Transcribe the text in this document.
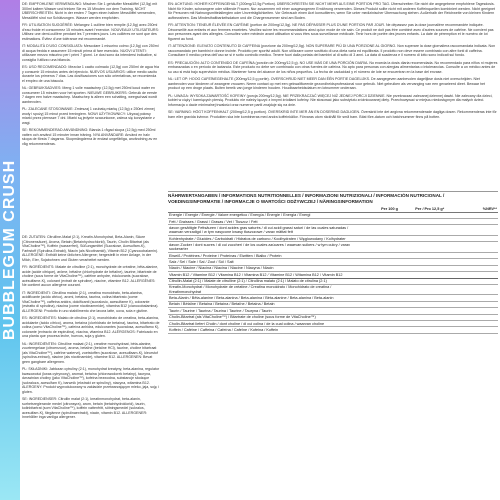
BUBBLEGUM CRUSH

DE: EMPFOHLENE VERWENDUNG: Mischen Sie 1 gehäufter Messlöffel (12,5g) mit 300ml kaltem Wasser und trinken Sie es 15 Minuten vor dem Training. NICHT ÜBERSCHREITEN. Nicht in der ersten 7 Tagen einen halben Messlöffel verwenden, Messlöffel sind nur Schätzungen. Wasser werden empfohlen.

FR: UTILISATION SUGGÉRÉE: Mélangez 1 cuillère bien remplie (12,5g) avec 250ml d'eau froide et consommez 15 minutes avant l'exercice. NOUVEAUX UTILISATEURS: Utilisez une demi-cuillère pendant les 7 premiers jours. Les cuillères ne sont que des estimations. Évitez d'une tolérance est recommandé.

IT: MODALITÀ D'USO CONSIGLIATA: Mescolare 1 misurino colmo (12,5g) con 250ml di acqua fredda e assumere 15 minuti prima di fare esercizio. NUOVI UTENTI: utilizzare mezzo misurino per i primi 7 giorni. Le dosi sono da intendersi indicative, si consiglia l'utilizzo una bilancia.

ES: USO RECOMENDADO: Mezclar 1 cacito colmado (12,5g) con 250ml de agua fría y consumir 15 minutos antes del ejercicio. NUEVOS USUARIOS: utilice medio cacito durante los primeros 7 días. Las dosificaciones son sólo orientativas, se recomienda el empleo de una báscula.

NL: GEBRUIKSADVIES: Meng 1 volle maatschep (12,5g) met 250ml koud water en consumeer 15 minuten voor het sporten. NIEUWE GEBRUIKERS: Gebruik de eerste 7 dagen een halve maatschep. Maatschep is alleen een schatting, weegschaal wordt aanbevolen.

PL: ZALECANE STOSOWANIE: Zmieszaj 1 czubatą miarkę (12,5g) z 250ml zimnej wody i spożyj 15 minut przed treningiem. NOWI UŻYTKOWNICY: Używaj połowy miarki przez pierwsze 7 dni. Miarki są jedynie szacunkowe, zaleca się korzystanie z wagi.

SE: REKOMMENDERAD ANVÄNDNING: Blanda 1 rågad skopa (12,5g) med 250ml vatten och använd 15 minuter innan träning. NYA ANVÄNDARE: Använd en halv skopa de första 7 dagarna. Skopmängderna är endast ungefärliga, användning av en våg rekommenderas.

EN: ACHTUNG: HOHER KOFFEINGEHALT (200mg/12,5g Portion). ÜBERSCHREITEN SIE NICHT MEHR ALS EINE PORTION PRO TAG. Überschreiten Sie nicht die angegebene empfohlene Tagesdosis. Nicht für Kinder, schwangere oder stillende Frauen. Nur zusammen mit einer ausgewogenen Ernährung verwenden. Dieses Produkt sollte nicht mit anderen Koffeinquellen kombiniert werden. Nicht geeignet für Personen mit Nahrungsmittelallergien oder Unverträglichkeiten. Vor Gebrauch einen Arzt konsultieren, wenn Sie unter medizinischer Überwachung stehen. Außerhalb der Reichweite von kleinen Kindern aufbewahren. Das Mindesthaltbarkeitsdatum und die Chargennummer sind am Boden.

FR: ATTENTION: TENEUR ÉLEVÉE EN CAFÉINE (portion de 200mg/12,5g). NE PAS DÉPASSER PLUS D'UNE PORTION PAR JOUR. Ne dépassez pas la dose journalière recommandée indiquée. Déconseillé aux enfants et aux femmes enceintes. Veuillez suivre les recommandations ainsi qu'un mode de vie sain. Ce produit ne doit pas être combiné avec d'autres sources de caféine. Ne convient pas aux personnes ayant des allergies. Consultez votre médecin avant utilisation si vous êtes sous surveillance médicale. Tenir hors de portée des jeunes enfants. La date de péremption et le numéro de lot figurent au fond.

IT: ATTENZIONE: ELEVATO CONTENUTO DI CAFFEINA (porzione da 200mg/12,5g). NON SUPERARE PIÙ DI UNA PORZIONE AL GIORNO. Non superare la dose giornaliera raccomandata indicata. Non raccomandato per bambini e donne incinte. Prodotto per sportivi adulti. Non utilizzare come sostituto di una dieta varia ed equilibrata. Il prodotto non deve essere combinato con altre fonti di caffeina. Consultare il medico prima dell'uso se si è sotto controllo medico. Tenere fuori dalla portata dei bambini al di sotto di 3 anni. La data di scadenza e il numero di lotto sono indicati sul fondo.

ES: PRECAUCIÓN: ALTO CONTENIDO DE CAFEÍNA (porción de 200mg/12,5 g). NO USE MÁS DE UNA PORCIÓN DIARIA. No exceda la dosis diaria recomendada. No recomendado para niños ni mujeres embarazadas o en período de lactancia. Este producto no debe ser combinado con otras fuentes de cafeína. No apto para personas con alergias alimentarias o intolerancias. Consulte a un médico antes de su uso si está bajo supervisión médica. Mantener fuera del alcance de los niños pequeños. La fecha de caducidad y el número de lote se encuentran en la base del envase.

NL: LET OP: HOOG CAFEÏNEGEHALTE (200mg/12,5 g portie). OVERSCHRIJD NIET MEER DAN ÉÉN PORTIE DAGELIJKS. De aangegeven aanbevolen dagelijkse dosis niet overschrijden. Niet aanbevolen voor kinderen of zwangere vrouwen. Neem contact op met een gekwalificeerde gezondheidsprofessional voor gebruik. Niet gebruiken als vervanging van een gevarieerd dieet. Bewaar het product op een droge plaats. Buiten bereik van jonge kinderen houden. Houdbaarheidsdatum en lotnummer onderaan.

PL: UWAGA: WYSOKA ZAWARTOŚĆ KOFEINY (porcja 200mg/12,5g). NIE PRZEKRACZAĆ WIĘCEJ NIŻ JEDNEJ PORCJI DZIENNIE. Nie przekraczać zalecanej dziennej dawki. Nie zalecany dla dzieci, kobiet w ciąży i karmiących piersią. Produktu nie należy łączyć z innymi źródłami kofeiny. Nie stosować jako substytutu zróżnicowanej diety. Przechowywać w miejscu niedostępnym dla małych dzieci. Informacja o dacie minimalnej trwałości oraz numerze partii znajduje się na dnie.

SE: VARNING: HÖGT KOFFEINHALT (200mg/12,5 g portion). ÖVERSKRID INTE MER ÄN EN DOSERING DAGLIGEN. Överskrid inte det angivna rekommenderade dagliga dosen. Rekommenderas inte för barn eller gravida kvinnor. Produkten ska inte kombineras med andra koffeinkällor. Förvaras utom räckhåll för små barn. Bäst före-datum och batchnummer finns på botten.

DE: ZUTATEN: Citrulline-Malat (2:1), Kreatin-Monohydrat, Beta-Alanin, Säure (Citronensäure), Aroma, Betain (Betainhydrochlorid), Taurin, Cholin Bitartrat (als VitaCholine™), Koffein (wasserfrei), Süßungsmittel (Sucralose, Acesulfam-K), Farbstoff (Spirulina-Extrakt), Niacin (als Nicotinamid), Vitamin B12 (Cyanocobalamin). ALLERGENE: Enthält keine üblichen Allergene; hergestellt in einer Anlage, in der Milch, Eier, Sojabohnen und Gluten verarbeitet werden.

FR: INGRÉDIENTS: Malate de citrulline (2:1), monohydrate de créatine, bêta-alanine, acide (acide citrique), arôme, bétaïne (chlorhydrate de bétaïne), taurine, bitartrate de choline (sous forme de VitaCholine™), caféine anhydre, édulcorants (sucralose, acésulfame-K), colorant (extrait de spiruline), niacine, vitamine B12. ALLERGÈNES: Ne contient aucun allergène courant.

IT: INGREDIENTI: Citrullina malato (2:1), creatina monoidrato, beta-alanina, acidificante (acido citrico), aromi, betaina, taurina, colina bitartrato (come VitaCholine™), caffeina anidra, dolcificanti (sucralosio, acesulfame K), colorante (estratto di spirulina), niacina (come nicotinammide), vitamina B12 (cianocobalamina). ALLERGENI: Prodotto in uno stabilimento che lavora latte, uova, soia e glutine.

ES: INGREDIENTES: Malato de citrulina (2:1), monohidrato de creatina, beta-alanina, acidulante (ácido cítrico), aroma, betaína (clorhidrato de betaína), taurina, bitartrato de colina (como VitaCholine™), cafeína anhidra, edulcorantes (sucralosa, acesulfamo K), colorante (extracto de espirulina), niacina, vitamina B12. ALÉRGENOS: Fabricado en una planta que procesa leche, huevos, soja y gluten.

NL: INGREDIËNTEN: Citrulline malaat (2:1), creatine monohydraat, bèta-alanine, zuurteregelaar (citroenzuur), aroma, betaïne (betaïne HCl), taurine, choline bitartraat (als VitaCholine™), cafeïne watervrij, zoetstoffen (sucralose, acesulfaam-K), kleurstof (spirulina-extract), niacine (als nicotinamide), vitamine B12. ALLERGENEN: Bevat geen gangbare allergenen.

PL: SKŁADNIKI: Jabłczan cytruliny (2:1), monohydrat kreatyny, beta-alanina, regulator kwasowości (kwas cytrynowy), aromat, betaina (chlorowodorek betainy), tauryna, dwuwinian choliny (jako VitaCholine™), kofeina bezwodna, substancje słodzące (sukraloza, acesulfam K), barwnik (ekstrakt ze spiruliny), niacyna, witamina B12. ALERGENY: Produkt wyprodukowany w zakładzie przetwarzającym mleko, jaja, soję i gluten.

SE: INGREDIENSER: Citrullin malat (2:1), kreatinmonohydrat, beta-alanin, surhetsreglerande medel (citronsyra), arom, betain (betainhydroklorid), taurin, kolinbitartrat (som VitaCholine™), koffein vattenfritt, sötningsmedel (sukralos, acesulfam-K), färgämne (spirulinaextrakt), niacin, vitamin B12. ALLERGENER: Innehåller inga vanliga allergener.

NÄHRWERTANGABEN / INFORMATIONS NUTRITIONNELLES / INFORMAZIONI NUTRIZIONALI / INFORMACIÓN NUTRICIONAL / VOEDINGSINFORMATIE / INFORMACJE O WARTOŚCI ODŻYWCZEJ / NÄRINGSINFORMATION
	Per 100 g	Per / Pro 12,5 g*	%NRV**
Energie / Energie / Énergie / Valore energetico / Energía / Energie / Energia / Energi			
Fett / Graisses / Grassi / Grasas / Vet / Tłuszcz / Fett			
davon gesättigte Fettsäuren / dont acides gras saturés / di cui acidi grassi saturi / de las cuales saturadas / waarvan verzadigd / w tym nasycone kwasy tłuszczowe / varav mättat fett			
Kohlenhydrate / Glucides / Carboidrati / Hidratos de carbono / Koolhydraten / Węglowodany / Kolhydrater			
davon Zucker / dont sucres / di cui zuccheri / de los cuales azúcares / waarvan suikers / w tym cukry / varav sockerarter			
Eiweiß / Protéines / Proteine / Proteínas / Eiwitten / Białko / Protein			
Salz / Sel / Sale / Sal / Zout / Sól / Salt			
Niacin / Niacine / Niacina / Niacina / Niacine / Niacyna / Niacin			
Vitamin B12 / Vitamine B12 / Vitamina B12 / Vitamina B12 / Vitamine B12 / Witamina B12 / Vitamin B12			
Citrullin-Malat (2:1) / Malate de citrulline (2:1) / Citrullina malato (2:1) / Malato de citrulina (2:1)			
Kreatin-Monohydrat / Monohydrate de créatine / Creatina monoidrato / Monohidrato de creatina / Kreatinmonohydrat			
Beta-Alanin / Bêta-alanine / Beta-alanina / Beta-alanina / Bèta-alanine / Beta-alanina / Beta-alanin			
Betain / Bétaïne / Betaina / Betaína / Betaïne / Betaina / Betain			
Taurin / Taurine / Taurina / Taurina / Taurine / Tauryna / Taurin			
Cholin-Bitartrat (als VitaCholine™) / Bitartrate de choline (sous forme de VitaCholine™)			
Cholin-Bitartrat liefert Cholin / dont choline / di cui colina / de la cual colina / waarvan choline			
Koffein / Caféine / Caffeina / Cafeína / Cafeïne / Kofeina / Koffein			
